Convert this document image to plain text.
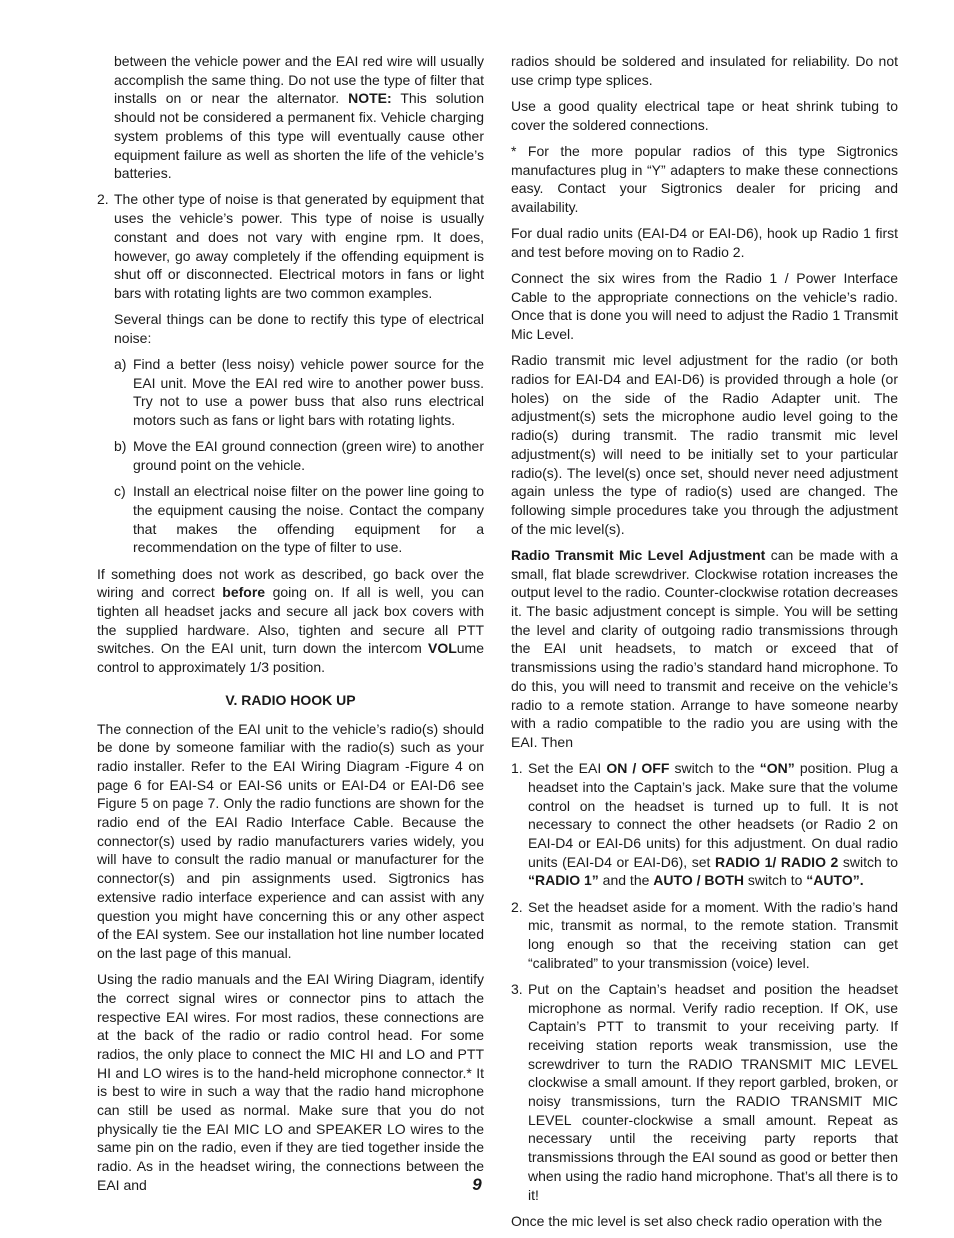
between the vehicle power and the EAI red wire will usually accomplish the same thing. Do not use the type of filter that installs on or near the alternator. NOTE: This solution should not be considered a permanent fix. Vehicle charging system problems of this type will eventually cause other equipment failure as well as shorten the life of the vehicle’s batteries.

2. The other type of noise is that generated by equipment that uses the vehicle’s power. This type of noise is usually constant and does not vary with engine rpm. It does, however, go away completely if the offending equipment is shut off or disconnected. Electrical motors in fans or light bars with rotating lights are two common examples.

Several things can be done to rectify this type of electrical noise:

a) Find a better (less noisy) vehicle power source for the EAI unit. Move the EAI red wire to another power buss. Try not to use a power buss that also runs electrical motors such as fans or light bars with rotating lights.
b) Move the EAI ground connection (green wire) to another ground point on the vehicle.
c) Install an electrical noise filter on the power line going to the equipment causing the noise. Contact the company that makes the offending equipment for a recommendation on the type of filter to use.

If something does not work as described, go back over the wiring and correct before going on. If all is well, you can tighten all headset jacks and secure all jack box covers with the supplied hardware. Also, tighten and secure all PTT switches. On the EAI unit, turn down the intercom VOLume control to approximately 1/3 position.

V. RADIO HOOK UP

The connection of the EAI unit to the vehicle’s radio(s) should be done by someone familiar with the radio(s) such as your radio installer. Refer to the EAI Wiring Diagram -Figure 4 on page 6 for EAI-S4 or EAI-S6 units or EAI-D4 or EAI-D6 see Figure 5 on page 7. Only the radio functions are shown for the radio end of the EAI Radio Interface Cable. Because the connector(s) used by radio manufacturers varies widely, you will have to consult the radio manual or manufacturer for the connector(s) and pin assignments used. Sigtronics has extensive radio interface experience and can assist with any question you might have concerning this or any other aspect of the EAI system. See our installation hot line number located on the last page of this manual.

Using the radio manuals and the EAI Wiring Diagram, identify the correct signal wires or connector pins to attach the respective EAI wires. For most radios, these connections are at the back of the radio or radio control head. For some radios, the only place to connect the MIC HI and LO and PTT HI and LO wires is to the hand-held microphone connector.* It is best to wire in such a way that the radio hand microphone can still be used as normal. Make sure that you do not physically tie the EAI MIC LO and SPEAKER LO wires to the same pin on the radio, even if they are tied together inside the radio. As in the headset wiring, the connections between the EAI and

radios should be soldered and insulated for reliability. Do not use crimp type splices.

Use a good quality electrical tape or heat shrink tubing to cover the soldered connections.

* For the more popular radios of this type Sigtronics manufactures plug in “Y” adapters to make these connections easy. Contact your Sigtronics dealer for pricing and availability.

For dual radio units (EAI-D4 or EAI-D6), hook up Radio 1 first and test before moving on to Radio 2.

Connect the six wires from the Radio 1 / Power Interface Cable to the appropriate connections on the vehicle’s radio. Once that is done you will need to adjust the Radio 1 Transmit Mic Level.

Radio transmit mic level adjustment for the radio (or both radios for EAI-D4 and EAI-D6) is provided through a hole (or holes) on the side of the Radio Adapter unit. The adjustment(s) sets the microphone audio level going to the radio(s) during transmit. The radio transmit mic level adjustment(s) will need to be initially set to your particular radio(s). The level(s) once set, should never need adjustment again unless the type of radio(s) used are changed. The following simple procedures take you through the adjustment of the mic level(s).

Radio Transmit Mic Level Adjustment can be made with a small, flat blade screwdriver. Clockwise rotation increases the output level to the radio. Counter-clockwise rotation decreases it. The basic adjustment concept is simple. You will be setting the level and clarity of outgoing radio transmissions through the EAI unit headsets, to match or exceed that of transmissions using the radio’s standard hand microphone. To do this, you will need to transmit and receive on the vehicle’s radio to a remote station. Arrange to have someone nearby with a radio compatible to the radio you are using with the EAI. Then

1. Set the EAI ON / OFF switch to the “ON” position. Plug a headset into the Captain’s jack. Make sure that the volume control on the headset is turned up to full. It is not necessary to connect the other headsets (or Radio 2 on EAI-D4 or EAI-D6 units) for this adjustment. On dual radio units (EAI-D4 or EAI-D6), set RADIO 1/ RADIO 2 switch to “RADIO 1” and the AUTO / BOTH switch to “AUTO”.
2. Set the headset aside for a moment. With the radio’s hand mic, transmit as normal, to the remote station. Transmit long enough so that the receiving station can get “calibrated” to your transmission (voice) level.
3. Put on the Captain’s headset and position the headset microphone as normal. Verify radio reception. If OK, use Captain’s PTT to transmit to your receiving party. If receiving station reports weak transmission, use the screwdriver to turn the RADIO TRANSMIT MIC LEVEL clockwise a small amount. If they report garbled, broken, or noisy transmissions, turn the RADIO TRANSMIT MIC LEVEL counter-clockwise a small amount. Repeat as necessary until the receiving party reports that transmissions through the EAI sound as good or better then when using the radio hand microphone. That’s all there is to it!

Once the mic level is set also check radio operation with the

9
